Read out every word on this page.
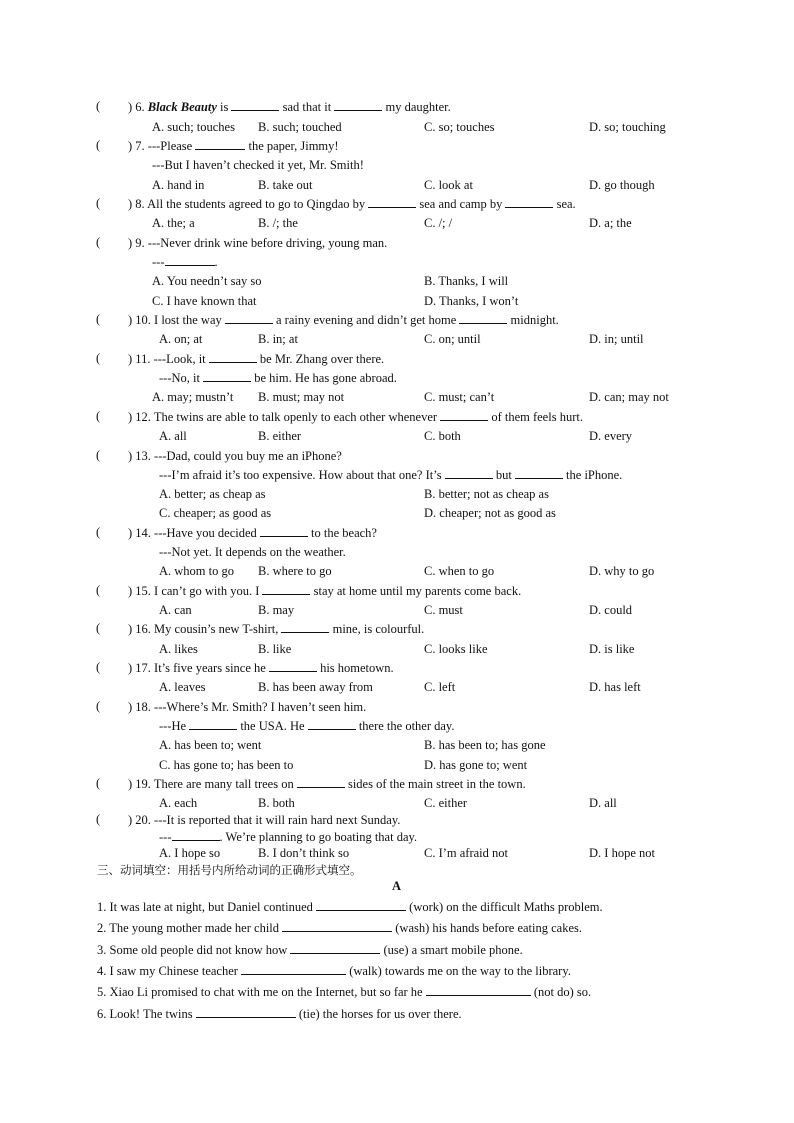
( ) 6. Black Beauty is	sad that it	my daughter.
A. such; touches B. such; touched	C. so; touches	D. so; touching
( ) 7. ---Please	the paper, Jimmy!
---But I haven’t checked it yet, Mr. Smith!
A. hand in	B. take out	C. look at	D. go though
( ) 8. All the students agreed to go to Qingdao by	sea and camp by	sea.
A. the; a	B. /; the	C. /; /	D. a; the
( ) 9. ---Never drink wine before driving, young man.
---	.
A. You needn’t say so	B. Thanks, I will
C. I have known that	D. Thanks, I won’t
( ) 10. I lost the way	a rainy evening and didn’t get home	midnight.
A. on; at	B. in; at	C. on; until	D. in; until
( ) 11. ---Look, it	be Mr. Zhang over there.
---No, it	be him. He has gone abroad.
A. may; mustn’t B. must; may not	C. must; can’t	D. can; may not
( ) 12. The twins are able to talk openly to each other whenever	of them feels hurt.
A. all	B. either	C. both	D. every
( ) 13. ---Dad, could you buy me an iPhone?
---I’m afraid it’s too expensive. How about that one? It’s	but	the iPhone.
A. better; as cheap as	B. better; not as cheap as
C. cheaper; as good as	D. cheaper; not as good as
( ) 14. ---Have you decided	to the beach?
---Not yet. It depends on the weather.
A. whom to go B. where to go	C. when to go	D. why to go
( ) 15. I can’t go with you. I	stay at home until my parents come back.
A. can	B. may	C. must	D. could
( ) 16. My cousin’s new T-shirt,	mine, is colourful.
A. likes	B. like	C. looks like	D. is like
( ) 17. It’s five years since he	his hometown.
A. leaves	B. has been away from	C. left	D. has left
( ) 18. ---Where’s Mr. Smith? I haven’t seen him.
---He	the USA. He	there the other day.
A. has been to; went	B. has been to; has gone
C. has gone to; has been to	D. has gone to; went
( ) 19. There are many tall trees on	sides of the main street in the town.
A. each	B. both	C. either	D. all
( ) 20. ---It is reported that it will rain hard next Sunday.
---	. We’re planning to go boating that day.
A. I hope so	B. I don’t think so	C. I’m afraid not	D. I hope not
三、动词填空：用括号内所给动词的正确形式填空。
A
1. It was late at night, but Daniel continued	(work) on the difficult Maths problem.
2. The young mother made her child	(wash) his hands before eating cakes.
3. Some old people did not know how	(use) a smart mobile phone.
4. I saw my Chinese teacher	(walk) towards me on the way to the library.
5. Xiao Li promised to chat with me on the Internet, but so far he	(not do) so.
6. Look! The twins	(tie) the horses for us over there.
